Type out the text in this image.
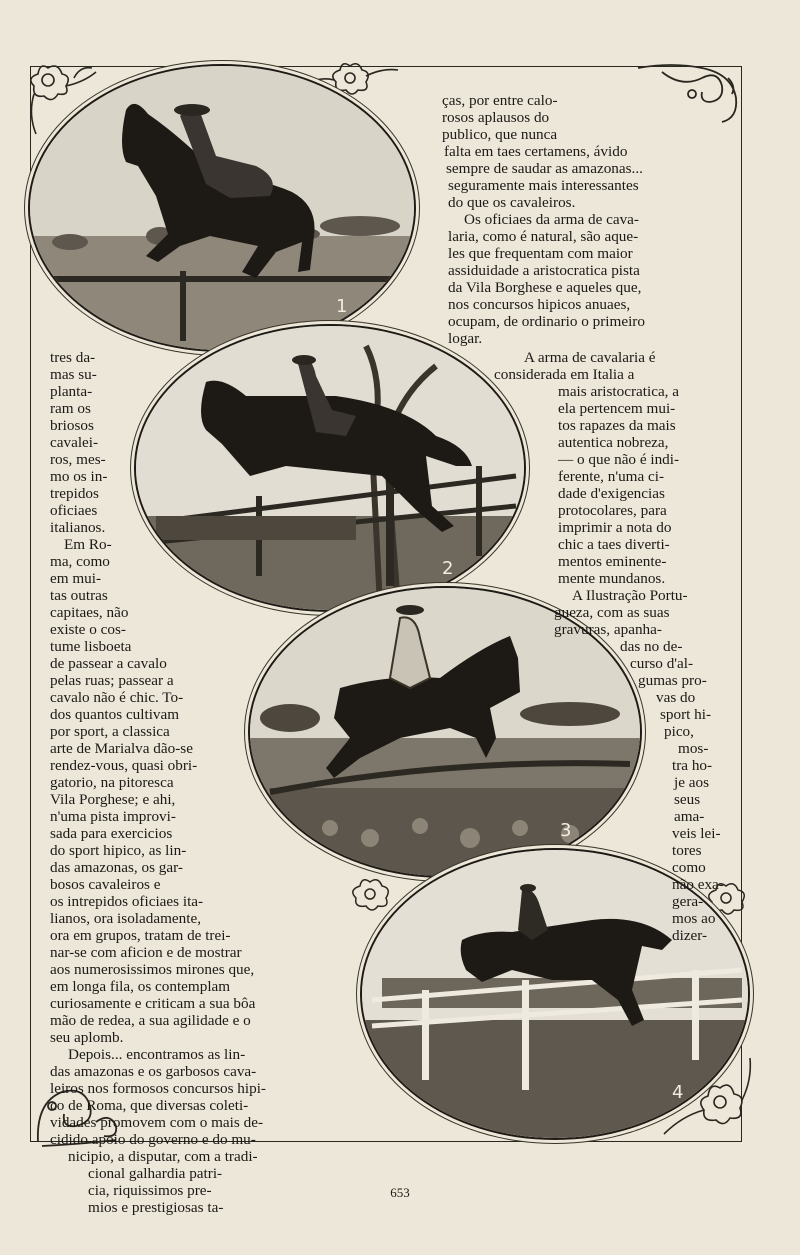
1
2
3
4
ças, por entre calo-
rosos aplausos do
publico, que nunca
falta em taes certamens, ávido
sempre de saudar as amazonas...
seguramente mais interessantes
do que os cavaleiros.
Os oficiaes da arma de cava-
laria, como é natural, são aque-
les que frequentam com maior
assiduidade a aristocratica pista
da Vila Borghese e aqueles que,
nos concursos hipicos anuaes,
ocupam, de ordinario o primeiro
logar.
A arma de cavalaria é
considerada em Italia a
mais aristocratica, a
ela pertencem mui-
tos rapazes da mais
autentica nobreza,
— o que não é indi-
ferente, n'uma ci-
dade d'exigencias
protocolares, para
imprimir a nota do
chic a taes diverti-
mentos eminente-
mente mundanos.
A Ilustração Portu-
gueza, com as suas
gravuras, apanha-
das no de-
curso d'al-
gumas pro-
vas do
sport hi-
pico,
mos-
tra ho-
je aos
seus
ama-
veis lei-
tores
como
não exa-
gera-
mos ao
dizer-
tres da-
mas su-
planta-
ram os
briosos
cavalei-
ros, mes-
mo os in-
trepidos
oficiaes
italianos.
Em Ro-
ma, como
em mui-
tas outras
capitaes, não
existe o cos-
tume lisboeta
de passear a cavalo
pelas ruas; passear a
cavalo não é chic. To-
dos quantos cultivam
por sport, a classica
arte de Marialva dão-se
rendez-vous, quasi obri-
gatorio, na pitoresca
Vila Porghese; e ahi,
n'uma pista improvi-
sada para exercicios
do sport hipico, as lin-
das amazonas, os gar-
bosos cavaleiros e
os intrepidos oficiaes ita-
lianos, ora isoladamente,
ora em grupos, tratam de trei-
nar-se com aficion e de mostrar
aos numerosissimos mirones que,
em longa fila, os contemplam
curiosamente e criticam a sua bôa
mão de redea, a sua agilidade e o
seu aplomb.
Depois... encontramos as lin-
das amazonas e os garbosos cava-
leiros nos formosos concursos hipi-
co de Roma, que diversas coleti-
vidades promovem com o mais de-
cidido apoio do governo e do mu-
nicipio, a disputar, com a tradi-
cional galhardia patri-
cia, riquissimos pre-
mios e prestigiosas ta-
653
